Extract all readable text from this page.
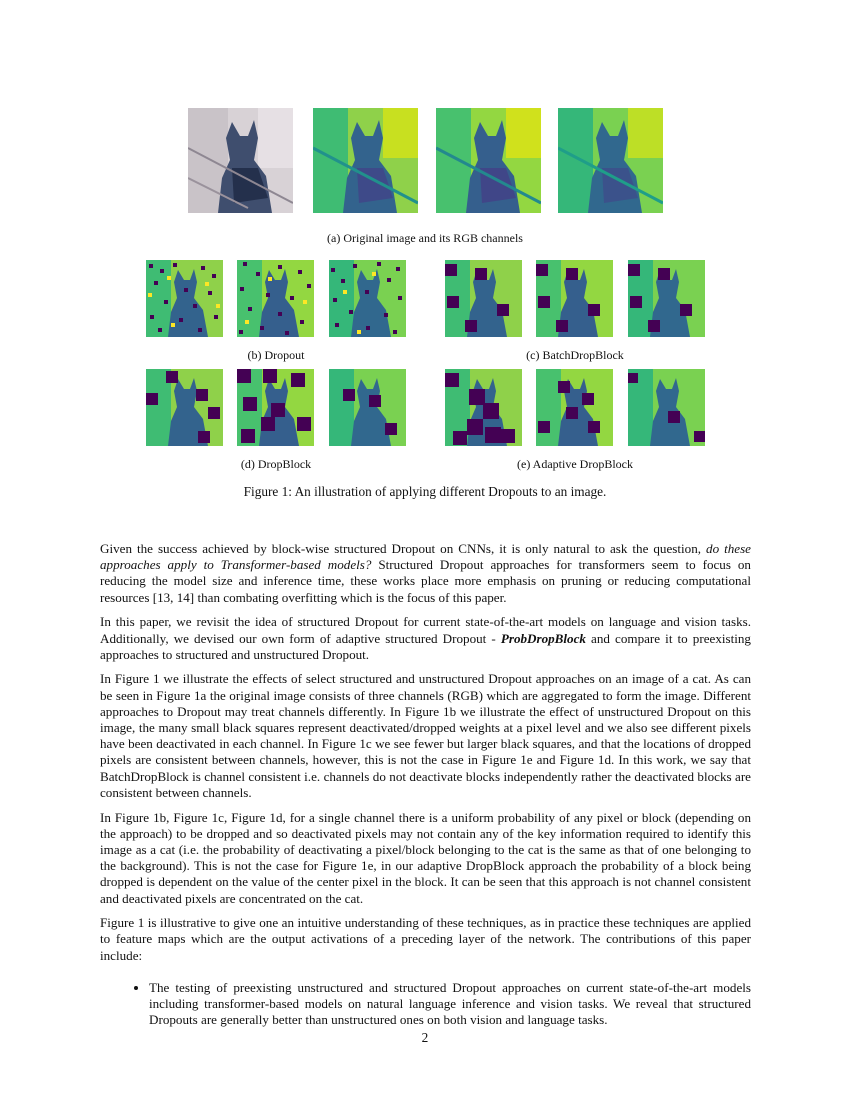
(a) Original image and its RGB channels
(b) Dropout	(c) BatchDropBlock
(d) DropBlock	(e) Adaptive DropBlock
Figure 1: An illustration of applying different Dropouts to an image.

Given the success achieved by block-wise structured Dropout on CNNs, it is only natural to ask the question, do these approaches apply to Transformer-based models? Structured Dropout approaches for transformers seem to focus on reducing the model size and inference time, these works place more emphasis on pruning or reducing computational resources [13, 14] than combating overfitting which is the focus of this paper.

In this paper, we revisit the idea of structured Dropout for current state-of-the-art models on language and vision tasks. Additionally, we devised our own form of adaptive structured Dropout - ProbDropBlock and compare it to preexisting approaches to structured and unstructured Dropout.

In Figure 1 we illustrate the effects of select structured and unstructured Dropout approaches on an image of a cat. As can be seen in Figure 1a the original image consists of three channels (RGB) which are aggregated to form the image. Different approaches to Dropout may treat channels differently. In Figure 1b we illustrate the effect of unstructured Dropout on this image, the many small black squares represent deactivated/dropped weights at a pixel level and we also see different pixels have been deactivated in each channel. In Figure 1c we see fewer but larger black squares, and that the locations of dropped pixels are consistent between channels, however, this is not the case in Figure 1e and Figure 1d. In this work, we say that BatchDropBlock is channel consistent i.e. channels do not deactivate blocks independently rather the deactivated blocks are consistent between channels.

In Figure 1b, Figure 1c, Figure 1d, for a single channel there is a uniform probability of any pixel or block (depending on the approach) to be dropped and so deactivated pixels may not contain any of the key information required to identify this image as a cat (i.e. the probability of deactivating a pixel/block belonging to the cat is the same as that of one belonging to the background). This is not the case for Figure 1e, in our adaptive DropBlock approach the probability of a block being dropped is dependent on the value of the center pixel in the block. It can be seen that this approach is not channel consistent and deactivated pixels are concentrated on the cat.

Figure 1 is illustrative to give one an intuitive understanding of these techniques, as in practice these techniques are applied to feature maps which are the output activations of a preceding layer of the network. The contributions of this paper include:

• The testing of preexisting unstructured and structured Dropout approaches on current state-of-the-art models including transformer-based models on natural language inference and vision tasks. We reveal that structured Dropouts are generally better than unstructured ones on both vision and language tasks.
2
